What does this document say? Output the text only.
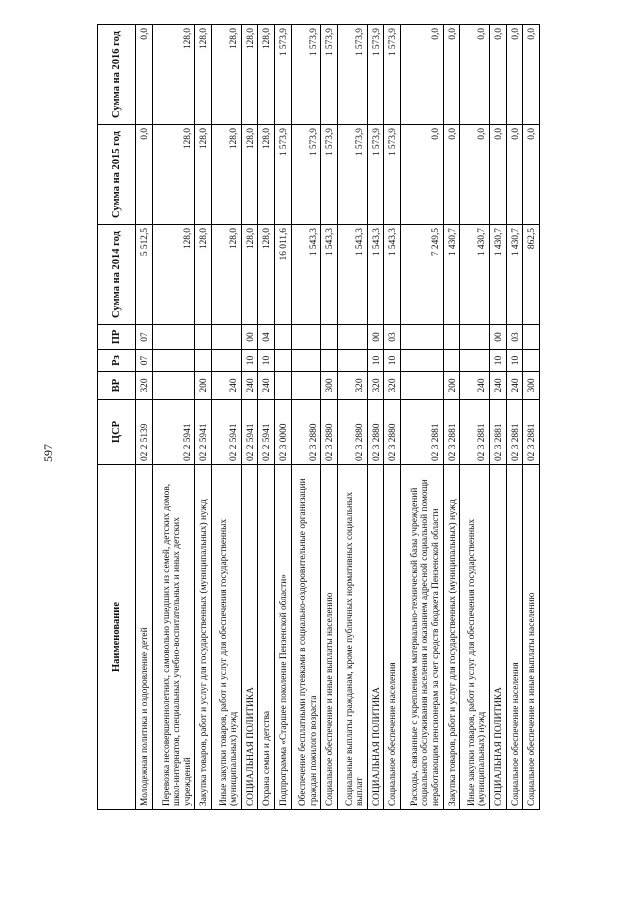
597
Наименование	ЦСР	ВР	Рз	ПР	Сумма на 2014 год	Сумма на 2015 год	Сумма на 2016 год
Молодежная политика и оздоровление детей	02 2 5139	320	07	07	5 512,5	0,0	0,0
Перевозка несовершеннолетних, самовольно ушедших из семей, детских домов, школ-интернатов, специальных учебно-воспитательных и иных детских учреждений	02 2 5941				128,0	128,0	128,0
Закупка товаров, работ и услуг для государственных (муниципальных) нужд	02 2 5941	200			128,0	128,0	128,0
Иные закупки товаров, работ и услуг для обеспечения государственных (муниципальных) нужд	02 2 5941	240			128,0	128,0	128,0
СОЦИАЛЬНАЯ ПОЛИТИКА	02 2 5941	240	10	00	128,0	128,0	128,0
Охрана семьи и детства	02 2 5941	240	10	04	128,0	128,0	128,0
Подпрограмма «Старшее поколение Пензенской области»	02 3 0000				16 011,6	1 573,9	1 573,9
Обеспечение бесплатными путевками в социально-оздоровительные организации граждан пожилого возраста	02 3 2880				1 543,3	1 573,9	1 573,9
Социальное обеспечение и иные выплаты населению	02 3 2880	300			1 543,3	1 573,9	1 573,9
Социальные выплаты гражданам, кроме публичных нормативных социальных выплат	02 3 2880	320			1 543,3	1 573,9	1 573,9
СОЦИАЛЬНАЯ ПОЛИТИКА	02 3 2880	320	10	00	1 543,3	1 573,9	1 573,9
Социальное обеспечение населения	02 3 2880	320	10	03	1 543,3	1 573,9	1 573,9
Расходы, связанные с укреплением материально-технической базы учреждений социального обслуживания населения и оказанием адресной социальной помощи неработающим пенсионерам за счет средств бюджета Пензенской области	02 3 2881				7 249,5	0,0	0,0
Закупка товаров, работ и услуг для государственных (муниципальных) нужд	02 3 2881	200			1 430,7	0,0	0,0
Иные закупки товаров, работ и услуг для обеспечения государственных (муниципальных) нужд	02 3 2881	240			1 430,7	0,0	0,0
СОЦИАЛЬНАЯ ПОЛИТИКА	02 3 2881	240	10	00	1 430,7	0,0	0,0
Социальное обеспечение населения	02 3 2881	240	10	03	1 430,7	0,0	0,0
Социальное обеспечение и иные выплаты населению	02 3 2881	300			862,5	0,0	0,0
